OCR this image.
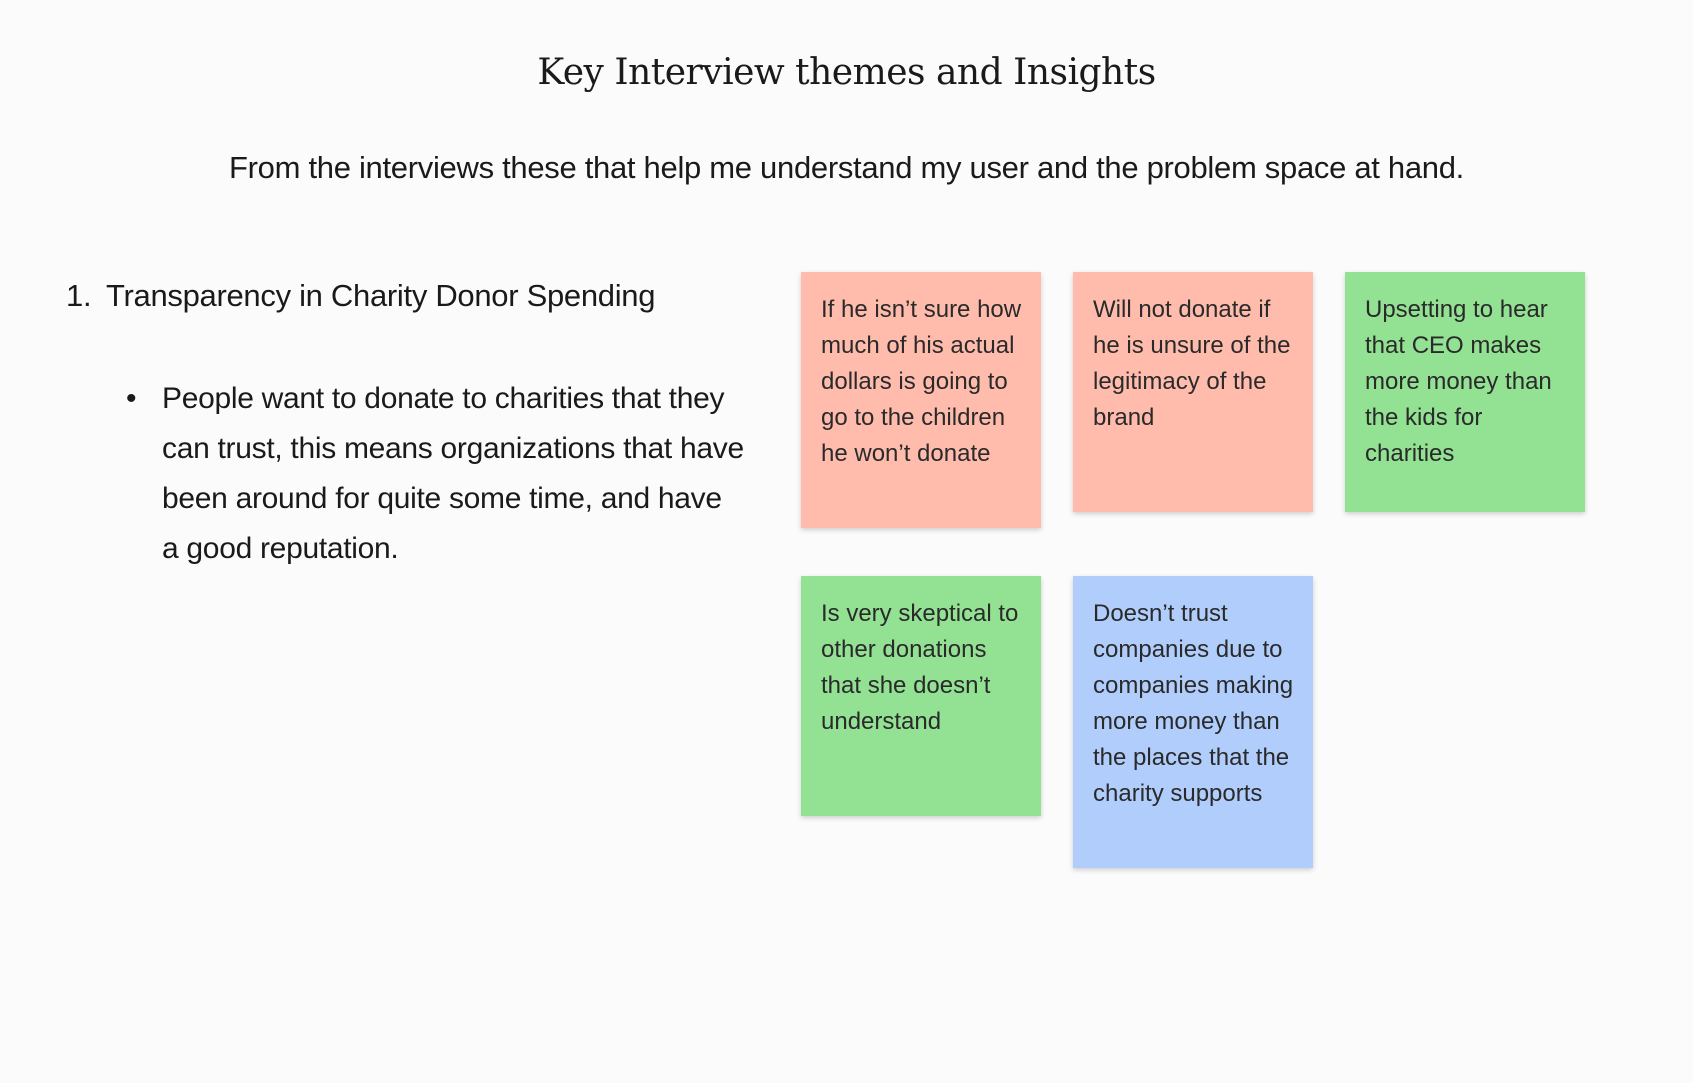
Key Interview themes and Insights
From the interviews these that help me understand my user and the problem space at hand.
1. Transparency in Charity Donor Spending
• People want to donate to charities that they can trust, this means organizations that have been around for quite some time, and have a good reputation.
If he isn’t sure how much of his actual dollars is going to go to the children he won’t donate
Will not donate if he is unsure of the legitimacy of the brand
Upsetting to hear that CEO makes more money than the kids for charities
Is very skeptical to other donations that she doesn’t understand
Doesn’t trust companies due to companies making more money than the places that the charity supports
